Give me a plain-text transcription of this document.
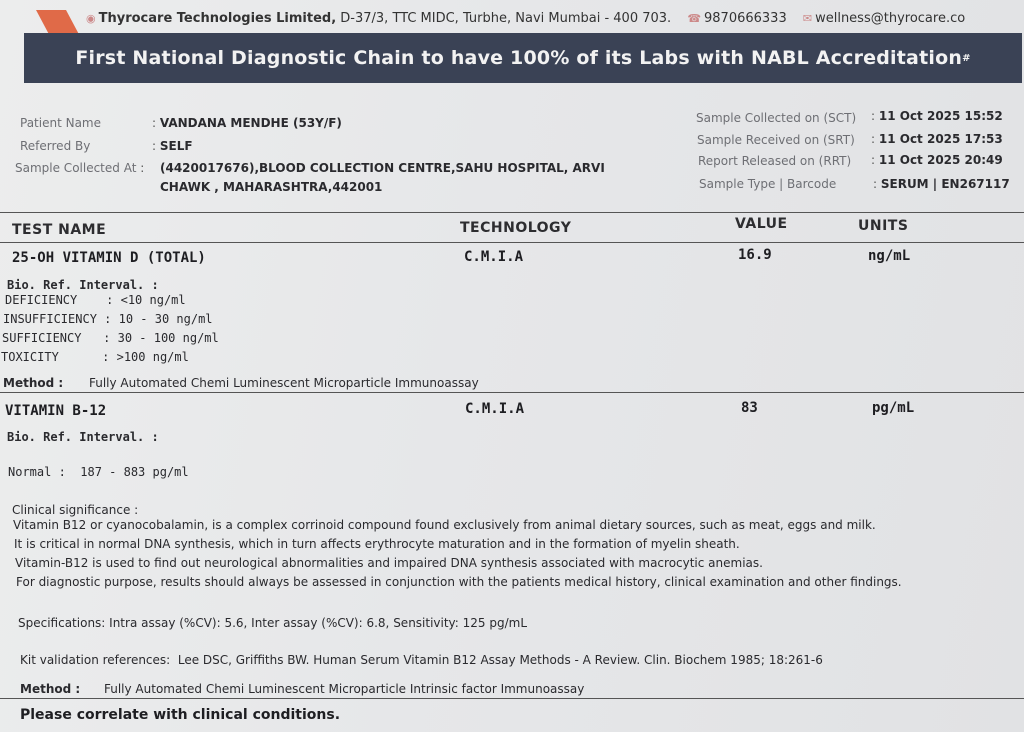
◉ Thyrocare Technologies Limited, D-37/3, TTC MIDC, Turbhe, Navi Mumbai - 400 703. ☎ 9870666333 ✉ wellness@thyrocare.co
First National Diagnostic Chain to have 100% of its Labs with NABL Accreditation #
Patient Name	: VANDANA MENDHE (53Y/F)
Referred By	: SELF
Sample Collected At : (4420017676),BLOOD COLLECTION CENTRE,SAHU HOSPITAL, ARVI
CHAWK , MAHARASHTRA,442001
Sample Collected on (SCT) : 11 Oct 2025 15:52
Sample Received on (SRT) : 11 Oct 2025 17:53
Report Released on (RRT) : 11 Oct 2025 20:49
Sample Type | Barcode	: SERUM | EN267117
TEST NAME	TECHNOLOGY	VALUE	UNITS
25-OH VITAMIN D (TOTAL)	C.M.I.A	16.9	ng/mL
Bio. Ref. Interval. :
DEFICIENCY    : <10 ng/ml
INSUFFICIENCY : 10 - 30 ng/ml
SUFFICIENCY   : 30 - 100 ng/ml
TOXICITY      : >100 ng/ml
Method : Fully Automated Chemi Luminescent Microparticle Immunoassay
VITAMIN B-12	C.M.I.A	83	pg/mL
Bio. Ref. Interval. :
Normal :  187 - 883 pg/ml
Clinical significance :
Vitamin B12 or cyanocobalamin, is a complex corrinoid compound found exclusively from animal dietary sources, such as meat, eggs and milk.
It is critical in normal DNA synthesis, which in turn affects erythrocyte maturation and in the formation of myelin sheath.
Vitamin-B12 is used to find out neurological abnormalities and impaired DNA synthesis associated with macrocytic anemias.
For diagnostic purpose, results should always be assessed in conjunction with the patients medical history, clinical examination and other findings.
Specifications: Intra assay (%CV): 5.6, Inter assay (%CV): 6.8, Sensitivity: 125 pg/mL
Kit validation references:  Lee DSC, Griffiths BW. Human Serum Vitamin B12 Assay Methods - A Review. Clin. Biochem 1985; 18:261-6
Method : Fully Automated Chemi Luminescent Microparticle Intrinsic factor Immunoassay
Please correlate with clinical conditions.
